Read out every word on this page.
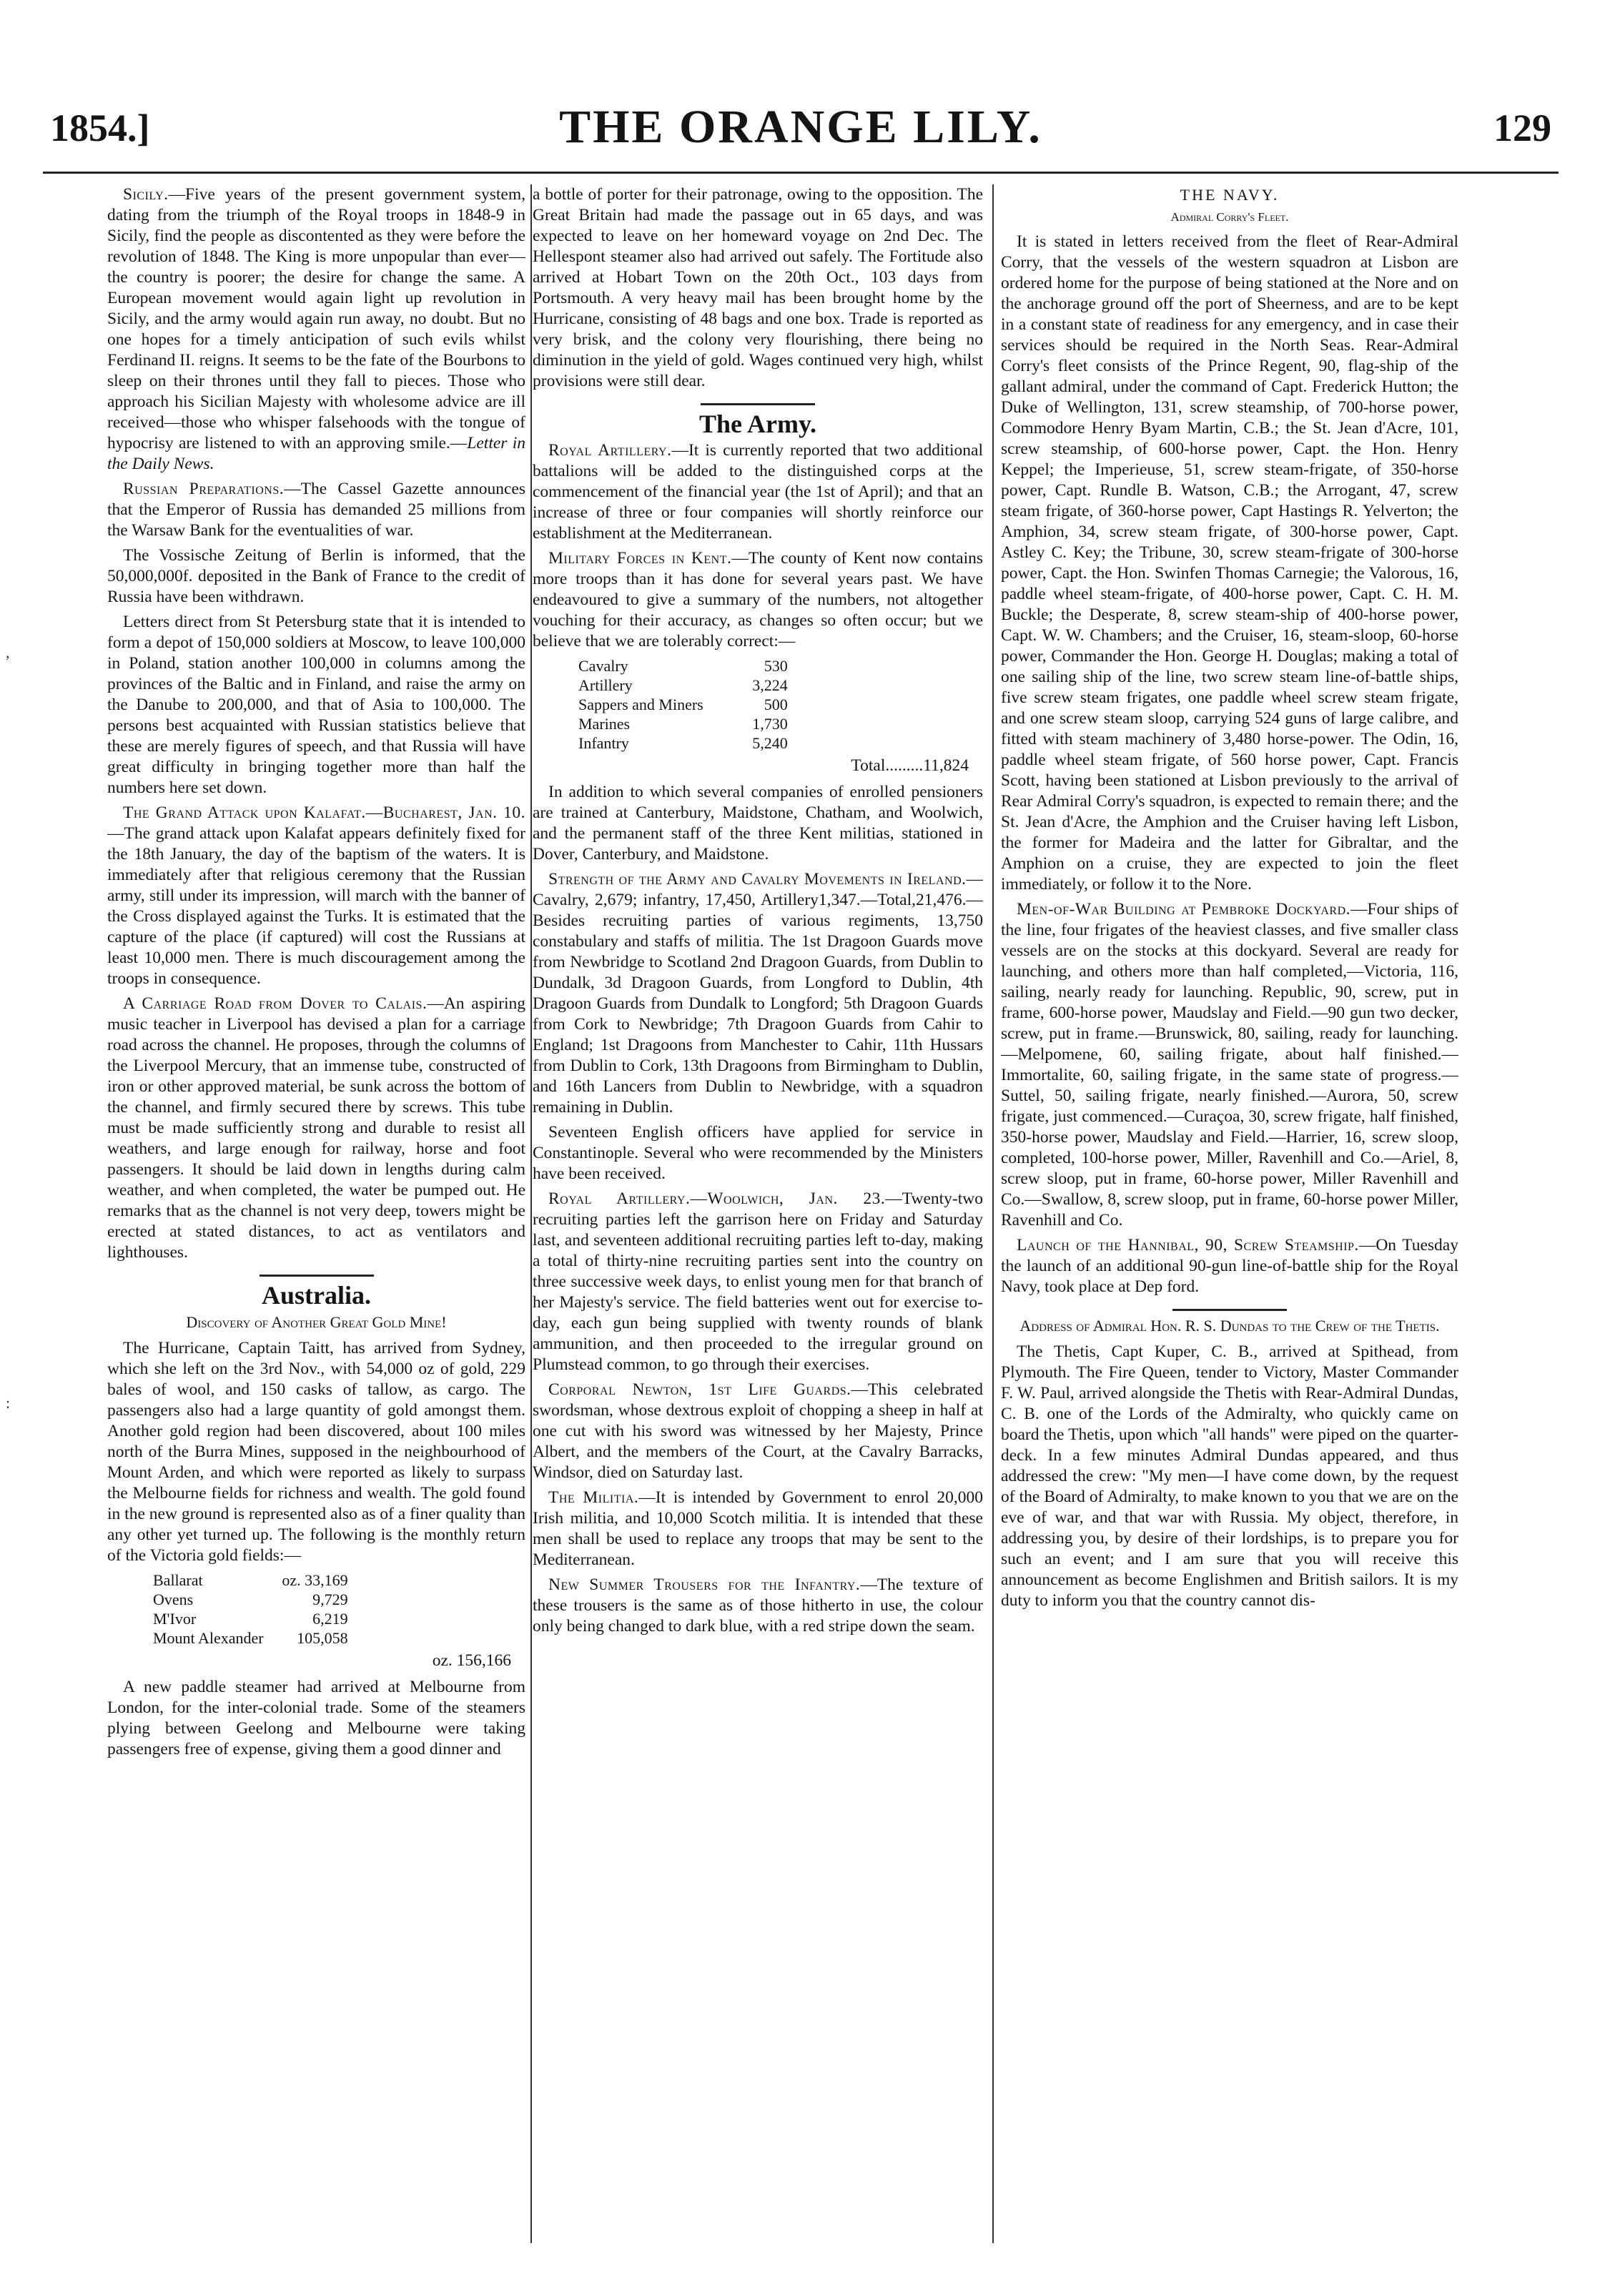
1854.]	THE ORANGE LILY.	129
,
:

Sicily.—Five years of the present government system, dating from the triumph of the Royal troops in 1848-9 in Sicily, find the people as discontented as they were before the revolution of 1848. The King is more unpopular than ever—the country is poorer; the desire for change the same. A European movement would again light up revolution in Sicily, and the army would again run away, no doubt. But no one hopes for a timely anticipation of such evils whilst Ferdinand II. reigns. It seems to be the fate of the Bourbons to sleep on their thrones until they fall to pieces. Those who approach his Sicilian Majesty with wholesome advice are ill received—those who whisper falsehoods with the tongue of hypocrisy are listened to with an approving smile.—Letter in the Daily News.

Russian Preparations.—The Cassel Gazette announces that the Emperor of Russia has demanded 25 millions from the Warsaw Bank for the eventualities of war.

The Vossische Zeitung of Berlin is informed, that the 50,000,000f. deposited in the Bank of France to the credit of Russia have been withdrawn.

Letters direct from St Petersburg state that it is intended to form a depot of 150,000 soldiers at Moscow, to leave 100,000 in Poland, station another 100,000 in columns among the provinces of the Baltic and in Finland, and raise the army on the Danube to 200,000, and that of Asia to 100,000. The persons best acquainted with Russian statistics believe that these are merely figures of speech, and that Russia will have great difficulty in bringing together more than half the numbers here set down.

The Grand Attack upon Kalafat.—Bucharest, Jan. 10.—The grand attack upon Kalafat appears definitely fixed for the 18th January, the day of the baptism of the waters. It is immediately after that religious ceremony that the Russian army, still under its impression, will march with the banner of the Cross displayed against the Turks. It is estimated that the capture of the place (if captured) will cost the Russians at least 10,000 men. There is much discouragement among the troops in consequence.

A Carriage Road from Dover to Calais.—An aspiring music teacher in Liverpool has devised a plan for a carriage road across the channel. He proposes, through the columns of the Liverpool Mercury, that an immense tube, constructed of iron or other approved material, be sunk across the bottom of the channel, and firmly secured there by screws. This tube must be made sufficiently strong and durable to resist all weathers, and large enough for railway, horse and foot passengers. It should be laid down in lengths during calm weather, and when completed, the water be pumped out. He remarks that as the channel is not very deep, towers might be erected at stated distances, to act as ventilators and lighthouses.

Australia.
Discovery of Another Great Gold Mine!

The Hurricane, Captain Taitt, has arrived from Sydney, which she left on the 3rd Nov., with 54,000 oz of gold, 229 bales of wool, and 150 casks of tallow, as cargo. The passengers also had a large quantity of gold amongst them. Another gold region had been discovered, about 100 miles north of the Burra Mines, supposed in the neighbourhood of Mount Arden, and which were reported as likely to surpass the Melbourne fields for richness and wealth. The gold found in the new ground is represented also as of a finer quality than any other yet turned up. The following is the monthly return of the Victoria gold fields:—

Ballarat	oz. 33,169
Ovens	9,729
M'Ivor	6,219
Mount Alexander	105,058
oz. 156,166

A new paddle steamer had arrived at Melbourne from London, for the inter-colonial trade. Some of the steamers plying between Geelong and Melbourne were taking passengers free of expense, giving them a good dinner and

a bottle of porter for their patronage, owing to the opposition. The Great Britain had made the passage out in 65 days, and was expected to leave on her homeward voyage on 2nd Dec. The Hellespont steamer also had arrived out safely. The Fortitude also arrived at Hobart Town on the 20th Oct., 103 days from Portsmouth. A very heavy mail has been brought home by the Hurricane, consisting of 48 bags and one box. Trade is reported as very brisk, and the colony very flourishing, there being no diminution in the yield of gold. Wages continued very high, whilst provisions were still dear.

The Army.

Royal Artillery.—It is currently reported that two additional battalions will be added to the distinguished corps at the commencement of the financial year (the 1st of April); and that an increase of three or four companies will shortly reinforce our establishment at the Mediterranean.

Military Forces in Kent.—The county of Kent now contains more troops than it has done for several years past. We have endeavoured to give a summary of the numbers, not altogether vouching for their accuracy, as changes so often occur; but we believe that we are tolerably correct:—

Cavalry	530
Artillery	3,224
Sappers and Miners	500
Marines	1,730
Infantry	5,240
Total.........11,824

In addition to which several companies of enrolled pensioners are trained at Canterbury, Maidstone, Chatham, and Woolwich, and the permanent staff of the three Kent militias, stationed in Dover, Canterbury, and Maidstone.

Strength of the Army and Cavalry Movements in Ireland.—Cavalry, 2,679; infantry, 17,450, Artillery1,347.—Total,21,476.—Besides recruiting parties of various regiments, 13,750 constabulary and staffs of militia. The 1st Dragoon Guards move from Newbridge to Scotland 2nd Dragoon Guards, from Dublin to Dundalk, 3d Dragoon Guards, from Longford to Dublin, 4th Dragoon Guards from Dundalk to Longford; 5th Dragoon Guards from Cork to Newbridge; 7th Dragoon Guards from Cahir to England; 1st Dragoons from Manchester to Cahir, 11th Hussars from Dublin to Cork, 13th Dragoons from Birmingham to Dublin, and 16th Lancers from Dublin to Newbridge, with a squadron remaining in Dublin.

Seventeen English officers have applied for service in Constantinople. Several who were recommended by the Ministers have been received.

Royal Artillery.—Woolwich, Jan. 23.—Twenty-two recruiting parties left the garrison here on Friday and Saturday last, and seventeen additional recruiting parties left to-day, making a total of thirty-nine recruiting parties sent into the country on three successive week days, to enlist young men for that branch of her Majesty's service. The field batteries went out for exercise to-day, each gun being supplied with twenty rounds of blank ammunition, and then proceeded to the irregular ground on Plumstead common, to go through their exercises.

Corporal Newton, 1st Life Guards.—This celebrated swordsman, whose dextrous exploit of chopping a sheep in half at one cut with his sword was witnessed by her Majesty, Prince Albert, and the members of the Court, at the Cavalry Barracks, Windsor, died on Saturday last.

The Militia.—It is intended by Government to enrol 20,000 Irish militia, and 10,000 Scotch militia. It is intended that these men shall be used to replace any troops that may be sent to the Mediterranean.

New Summer Trousers for the Infantry.—The texture of these trousers is the same as of those hitherto in use, the colour only being changed to dark blue, with a red stripe down the seam.

THE NAVY.
Admiral Corry's Fleet.

It is stated in letters received from the fleet of Rear-Admiral Corry, that the vessels of the western squadron at Lisbon are ordered home for the purpose of being stationed at the Nore and on the anchorage ground off the port of Sheerness, and are to be kept in a constant state of readiness for any emergency, and in case their services should be required in the North Seas. Rear-Admiral Corry's fleet consists of the Prince Regent, 90, flag-ship of the gallant admiral, under the command of Capt. Frederick Hutton; the Duke of Wellington, 131, screw steamship, of 700-horse power, Commodore Henry Byam Martin, C.B.; the St. Jean d'Acre, 101, screw steamship, of 600-horse power, Capt. the Hon. Henry Keppel; the Imperieuse, 51, screw steam-frigate, of 350-horse power, Capt. Rundle B. Watson, C.B.; the Arrogant, 47, screw steam frigate, of 360-horse power, Capt Hastings R. Yelverton; the Amphion, 34, screw steam frigate, of 300-horse power, Capt. Astley C. Key; the Tribune, 30, screw steam-frigate of 300-horse power, Capt. the Hon. Swinfen Thomas Carnegie; the Valorous, 16, paddle wheel steam-frigate, of 400-horse power, Capt. C. H. M. Buckle; the Desperate, 8, screw steam-ship of 400-horse power, Capt. W. W. Chambers; and the Cruiser, 16, steam-sloop, 60-horse power, Commander the Hon. George H. Douglas; making a total of one sailing ship of the line, two screw steam line-of-battle ships, five screw steam frigates, one paddle wheel screw steam frigate, and one screw steam sloop, carrying 524 guns of large calibre, and fitted with steam machinery of 3,480 horse-power. The Odin, 16, paddle wheel steam frigate, of 560 horse power, Capt. Francis Scott, having been stationed at Lisbon previously to the arrival of Rear Admiral Corry's squadron, is expected to remain there; and the St. Jean d'Acre, the Amphion and the Cruiser having left Lisbon, the former for Madeira and the latter for Gibraltar, and the Amphion on a cruise, they are expected to join the fleet immediately, or follow it to the Nore.

Men-of-War Building at Pembroke Dockyard.—Four ships of the line, four frigates of the heaviest classes, and five smaller class vessels are on the stocks at this dockyard. Several are ready for launching, and others more than half completed,—Victoria, 116, sailing, nearly ready for launching. Republic, 90, screw, put in frame, 600-horse power, Maudslay and Field.—90 gun two decker, screw, put in frame.—Brunswick, 80, sailing, ready for launching.—Melpomene, 60, sailing frigate, about half finished.—Immortalite, 60, sailing frigate, in the same state of progress.—Suttel, 50, sailing frigate, nearly finished.—Aurora, 50, screw frigate, just commenced.—Curaçoa, 30, screw frigate, half finished, 350-horse power, Maudslay and Field.—Harrier, 16, screw sloop, completed, 100-horse power, Miller, Ravenhill and Co.—Ariel, 8, screw sloop, put in frame, 60-horse power, Miller Ravenhill and Co.—Swallow, 8, screw sloop, put in frame, 60-horse power Miller, Ravenhill and Co.

Launch of the Hannibal, 90, Screw Steamship.—On Tuesday the launch of an additional 90-gun line-of-battle ship for the Royal Navy, took place at Dep ford.

Address of Admiral Hon. R. S. Dundas to the Crew of the Thetis.

The Thetis, Capt Kuper, C. B., arrived at Spithead, from Plymouth. The Fire Queen, tender to Victory, Master Commander F. W. Paul, arrived alongside the Thetis with Rear-Admiral Dundas, C. B. one of the Lords of the Admiralty, who quickly came on board the Thetis, upon which "all hands" were piped on the quarter-deck. In a few minutes Admiral Dundas appeared, and thus addressed the crew: "My men—I have come down, by the request of the Board of Admiralty, to make known to you that we are on the eve of war, and that war with Russia. My object, therefore, in addressing you, by desire of their lordships, is to prepare you for such an event; and I am sure that you will receive this announcement as become Englishmen and British sailors. It is my duty to inform you that the country cannot dis-
